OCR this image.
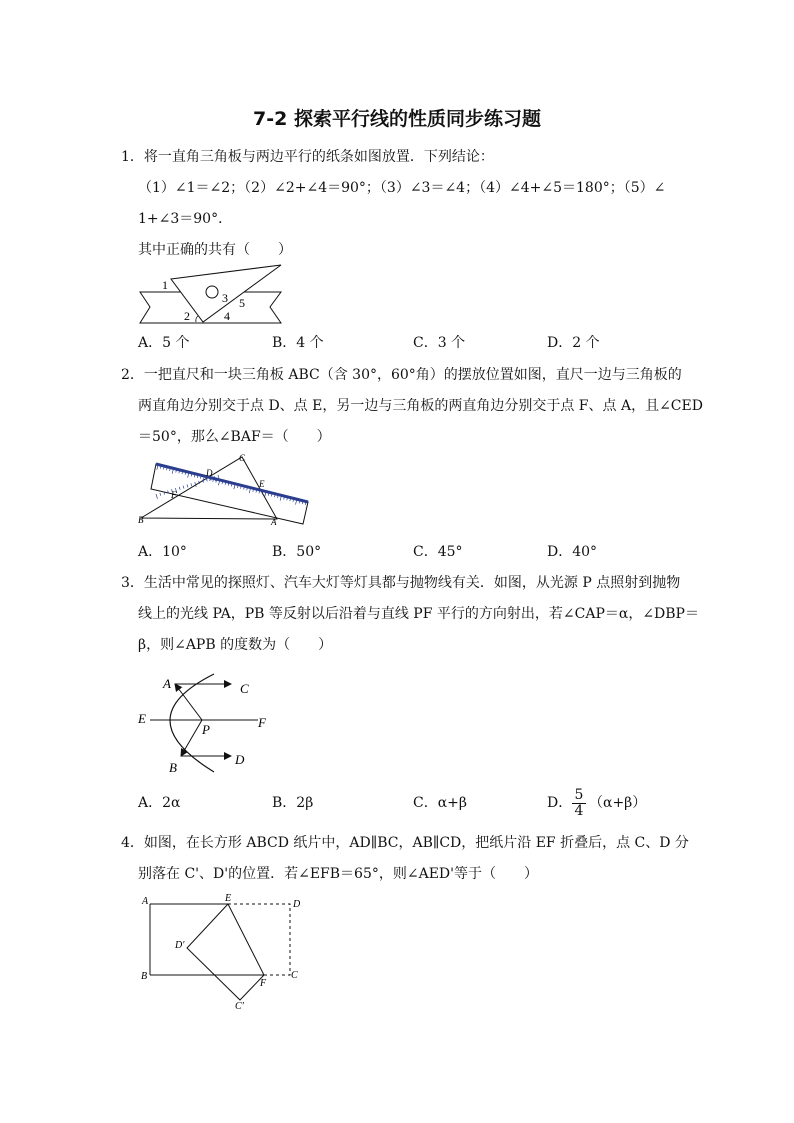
7-2 探索平行线的性质同步练习题
1．将一直角三角板与两边平行的纸条如图放置．下列结论：
（1）∠1＝∠2；（2）∠2+∠4＝90°；（3）∠3＝∠4；（4）∠4+∠5＝180°；（5）∠
1+∠3＝90°．
其中正确的共有（　　）
1
2
3
4
5
A．5 个	B．4 个	C．3 个	D．2 个
2．一把直尺和一块三角板 ABC（含 30°，60°角）的摆放位置如图，直尺一边与三角板的
两直角边分别交于点 D、点 E，另一边与三角板的两直角边分别交于点 F、点 A，且∠CED
＝50°，那么∠BAF＝（　　）
C
D
E
F
B	A
A．10°	B．50°	C．45°	D．40°
3．生活中常见的探照灯、汽车大灯等灯具都与抛物线有关．如图，从光源 P 点照射到抛物
线上的光线 PA，PB 等反射以后沿着与直线 PF 平行的方向射出，若∠CAP＝α，∠DBP＝
β，则∠APB 的度数为（　　）
A	C
E
P	F
B
D
A．2α	B．2β	C．α+β	D． 5
4 （α+β）
4．如图，在长方形 ABCD 纸片中，AD∥BC，AB∥CD，把纸片沿 EF 折叠后，点 C、D 分
别落在 C'、D'的位置．若∠EFB＝65°，则∠AED'等于（　　）
A	E
D
D'
B
F
C
C'
